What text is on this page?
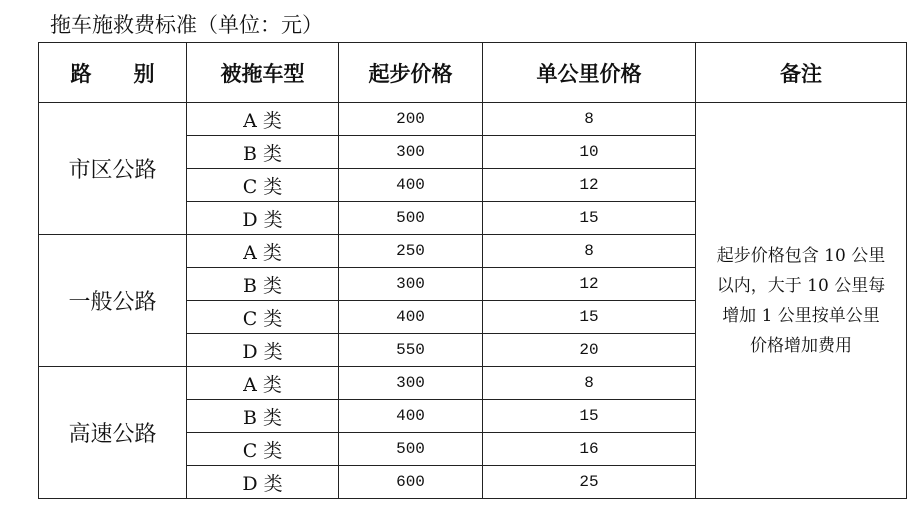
拖车施救费标准（单位：元）
路　　别	被拖车型	起步价格	单公里价格	备注
市区公路	A 类	200	8	起步价格包含 10 公里
以内，大于 10 公里每
增加 1 公里按单公里
价格增加费用

	B 类	300	10	
	C 类	400	12	
	D 类	500	15	
一般公路	A 类	250	8	
	B 类	300	12	
	C 类	400	15	
	D 类	550	20	
高速公路	A 类	300	8	
	B 类	400	15	
	C 类	500	16	
	D 类	600	25	
